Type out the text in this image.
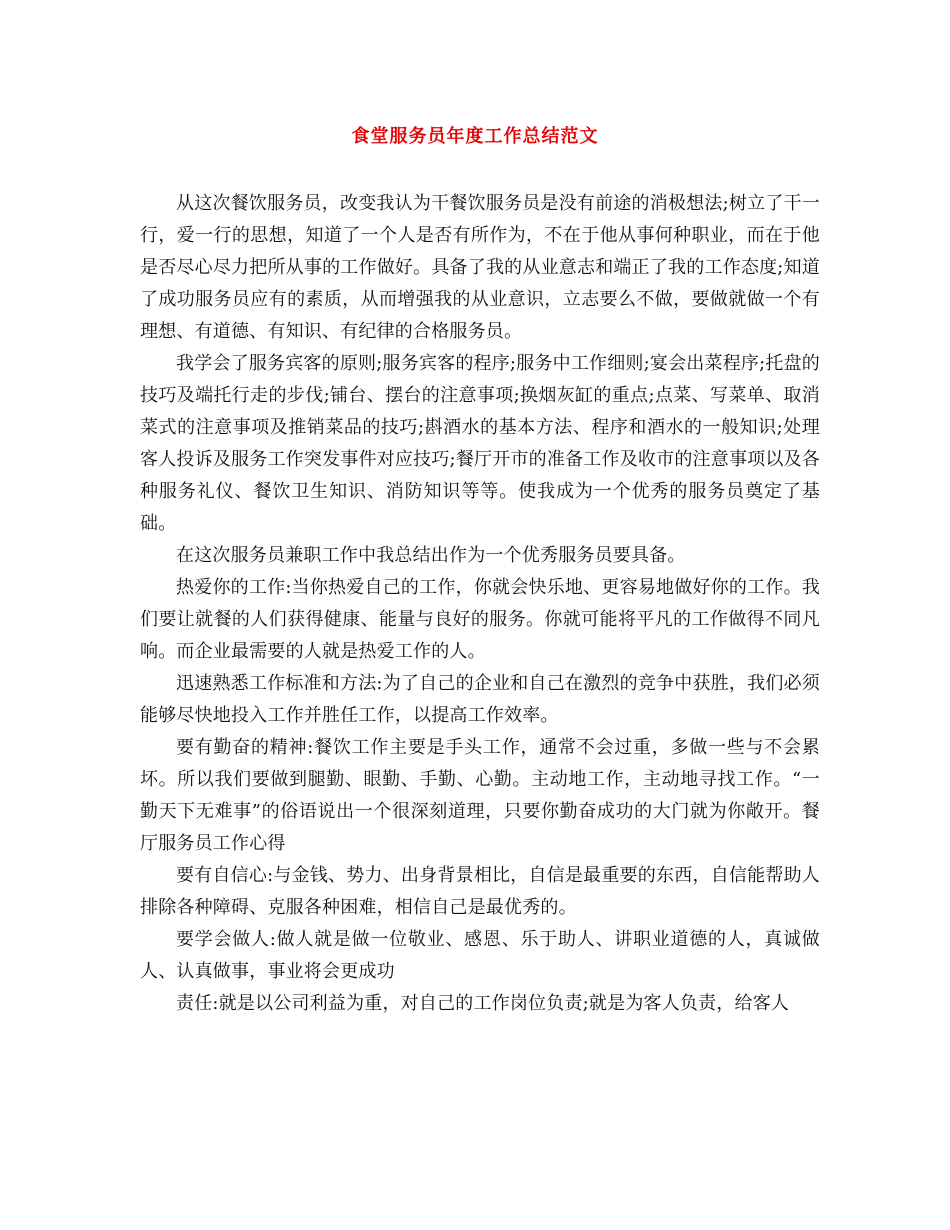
食堂服务员年度工作总结范文

从这次餐饮服务员，改变我认为干餐饮服务员是没有前途的消极想法;树立了干一行，爱一行的思想，知道了一个人是否有所作为，不在于他从事何种职业，而在于他是否尽心尽力把所从事的工作做好。具备了我的从业意志和端正了我的工作态度;知道了成功服务员应有的素质，从而增强我的从业意识，立志要么不做，要做就做一个有理想、有道德、有知识、有纪律的合格服务员。

我学会了服务宾客的原则;服务宾客的程序;服务中工作细则;宴会出菜程序;托盘的技巧及端托行走的步伐;铺台、摆台的注意事项;换烟灰缸的重点;点菜、写菜单、取消菜式的注意事项及推销菜品的技巧;斟酒水的基本方法、程序和酒水的一般知识;处理客人投诉及服务工作突发事件对应技巧;餐厅开市的准备工作及收市的注意事项以及各种服务礼仪、餐饮卫生知识、消防知识等等。使我成为一个优秀的服务员奠定了基础。

在这次服务员兼职工作中我总结出作为一个优秀服务员要具备。

热爱你的工作:当你热爱自己的工作，你就会快乐地、更容易地做好你的工作。我们要让就餐的人们获得健康、能量与良好的服务。你就可能将平凡的工作做得不同凡响。而企业最需要的人就是热爱工作的人。

迅速熟悉工作标准和方法:为了自己的企业和自己在激烈的竞争中获胜，我们必须能够尽快地投入工作并胜任工作，以提高工作效率。

要有勤奋的精神:餐饮工作主要是手头工作，通常不会过重，多做一些与不会累坏。所以我们要做到腿勤、眼勤、手勤、心勤。主动地工作，主动地寻找工作。“一勤天下无难事”的俗语说出一个很深刻道理，只要你勤奋成功的大门就为你敞开。餐厅服务员工作心得

要有自信心:与金钱、势力、出身背景相比，自信是最重要的东西，自信能帮助人排除各种障碍、克服各种困难，相信自己是最优秀的。

要学会做人:做人就是做一位敬业、感恩、乐于助人、讲职业道德的人，真诚做人、认真做事，事业将会更成功

责任:就是以公司利益为重，对自己的工作岗位负责;就是为客人负责，给客人
